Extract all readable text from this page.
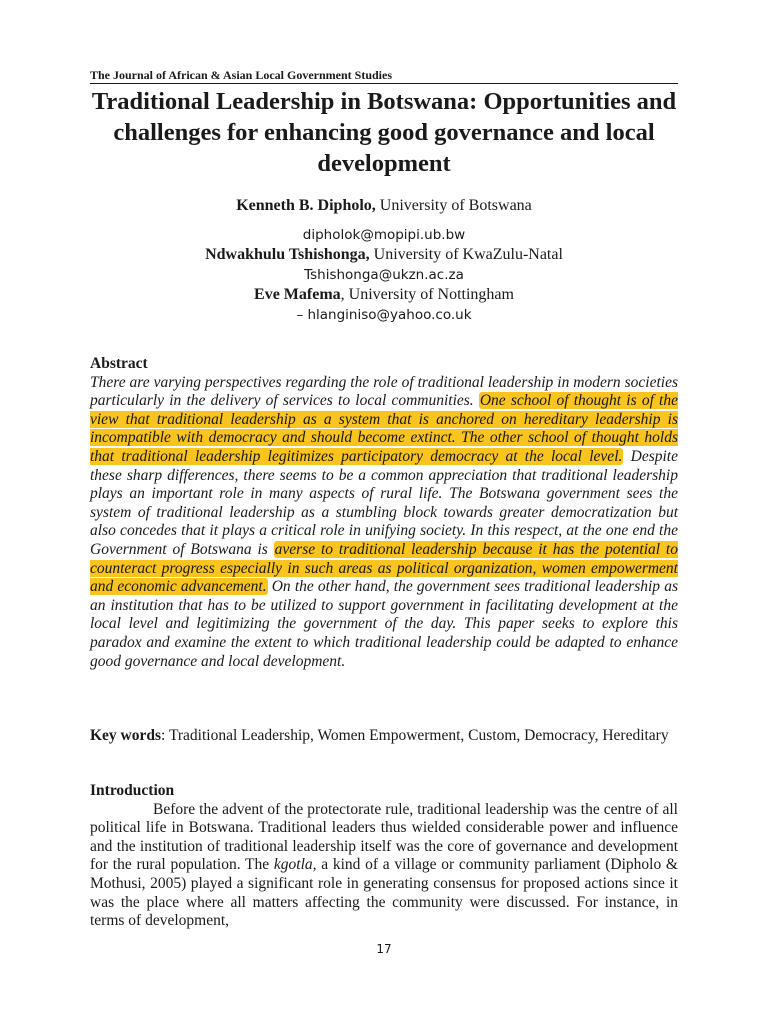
The Journal of African & Asian Local Government Studies
Traditional Leadership in Botswana: Opportunities and challenges for enhancing good governance and local development
Kenneth B. Dipholo, University of Botswana
dipholok@mopipi.ub.bw
Ndwakhulu Tshishonga, University of KwaZulu-Natal
Tshishonga@ukzn.ac.za
Eve Mafema, University of Nottingham
– hlanginiso@yahoo.co.uk
Abstract
There are varying perspectives regarding the role of traditional leadership in modern societies particularly in the delivery of services to local communities. One school of thought is of the view that traditional leadership as a system that is anchored on hereditary leadership is incompatible with democracy and should become extinct. The other school of thought holds that traditional leadership legitimizes participatory democracy at the local level. Despite these sharp differences, there seems to be a common appreciation that traditional leadership plays an important role in many aspects of rural life. The Botswana government sees the system of traditional leadership as a stumbling block towards greater democratization but also concedes that it plays a critical role in unifying society. In this respect, at the one end the Government of Botswana is averse to traditional leadership because it has the potential to counteract progress especially in such areas as political organization, women empowerment and economic advancement. On the other hand, the government sees traditional leadership as an institution that has to be utilized to support government in facilitating development at the local level and legitimizing the government of the day. This paper seeks to explore this paradox and examine the extent to which traditional leadership could be adapted to enhance good governance and local development.
Key words: Traditional Leadership, Women Empowerment, Custom, Democracy, Hereditary
Introduction
Before the advent of the protectorate rule, traditional leadership was the centre of all political life in Botswana. Traditional leaders thus wielded considerable power and influence and the institution of traditional leadership itself was the core of governance and development for the rural population. The kgotla, a kind of a village or community parliament (Dipholo & Mothusi, 2005) played a significant role in generating consensus for proposed actions since it was the place where all matters affecting the community were discussed. For instance, in terms of development,
17
